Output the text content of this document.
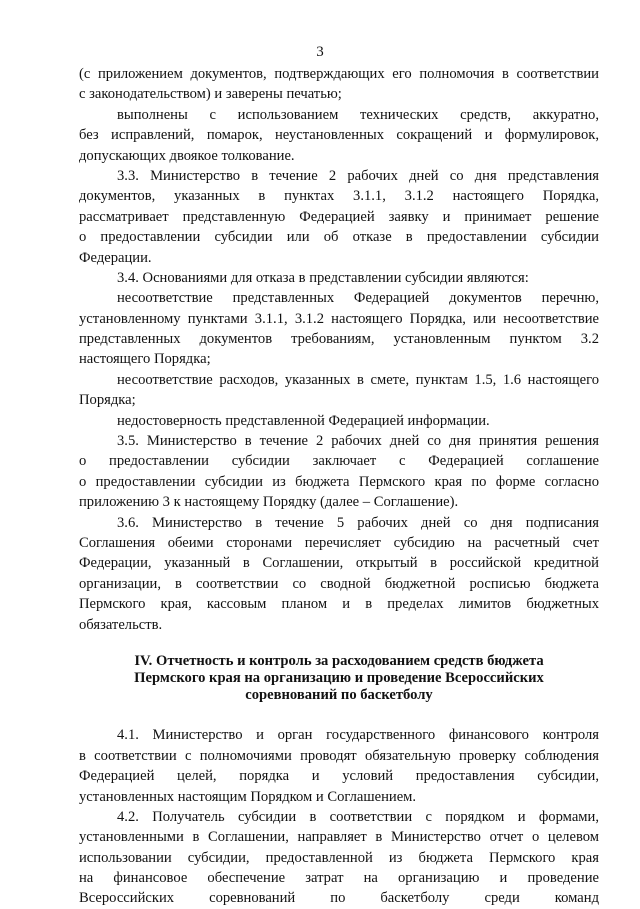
3
(с приложением документов, подтверждающих его полномочия в соответствии
с законодательством) и заверены печатью;
выполнены с использованием технических средств, аккуратно,
без исправлений, помарок, неустановленных сокращений и формулировок,
допускающих двоякое толкование.
3.3. Министерство в течение 2 рабочих дней со дня представления
документов, указанных в пунктах 3.1.1, 3.1.2 настоящего Порядка,
рассматривает представленную Федерацией заявку и принимает решение
о предоставлении субсидии или об отказе в предоставлении субсидии
Федерации.
3.4. Основаниями для отказа в представлении субсидии являются:
несоответствие представленных Федерацией документов перечню,
установленному пунктами 3.1.1, 3.1.2 настоящего Порядка, или несоответствие
представленных документов требованиям, установленным пунктом 3.2
настоящего Порядка;
несоответствие расходов, указанных в смете, пунктам 1.5, 1.6 настоящего
Порядка;
недостоверность представленной Федерацией информации.
3.5. Министерство в течение 2 рабочих дней со дня принятия решения
о предоставлении субсидии заключает с Федерацией соглашение
о предоставлении субсидии из бюджета Пермского края по форме согласно
приложению 3 к настоящему Порядку (далее – Соглашение).
3.6. Министерство в течение 5 рабочих дней со дня подписания
Соглашения обеими сторонами перечисляет субсидию на расчетный счет
Федерации, указанный в Соглашении, открытый в российской кредитной
организации, в соответствии со сводной бюджетной росписью бюджета
Пермского края, кассовым планом и в пределах лимитов бюджетных
обязательств.
IV. Отчетность и контроль за расходованием средств бюджета
Пермского края на организацию и проведение Всероссийских
соревнований по баскетболу
4.1. Министерство и орган государственного финансового контроля
в соответствии с полномочиями проводят обязательную проверку соблюдения
Федерацией целей, порядка и условий предоставления субсидии,
установленных настоящим Порядком и Соглашением.
4.2. Получатель субсидии в соответствии с порядком и формами,
установленными в Соглашении, направляет в Министерство отчет о целевом
использовании субсидии, предоставленной из бюджета Пермского края
на финансовое обеспечение затрат на организацию и проведение
Всероссийских соревнований по баскетболу среди команд
